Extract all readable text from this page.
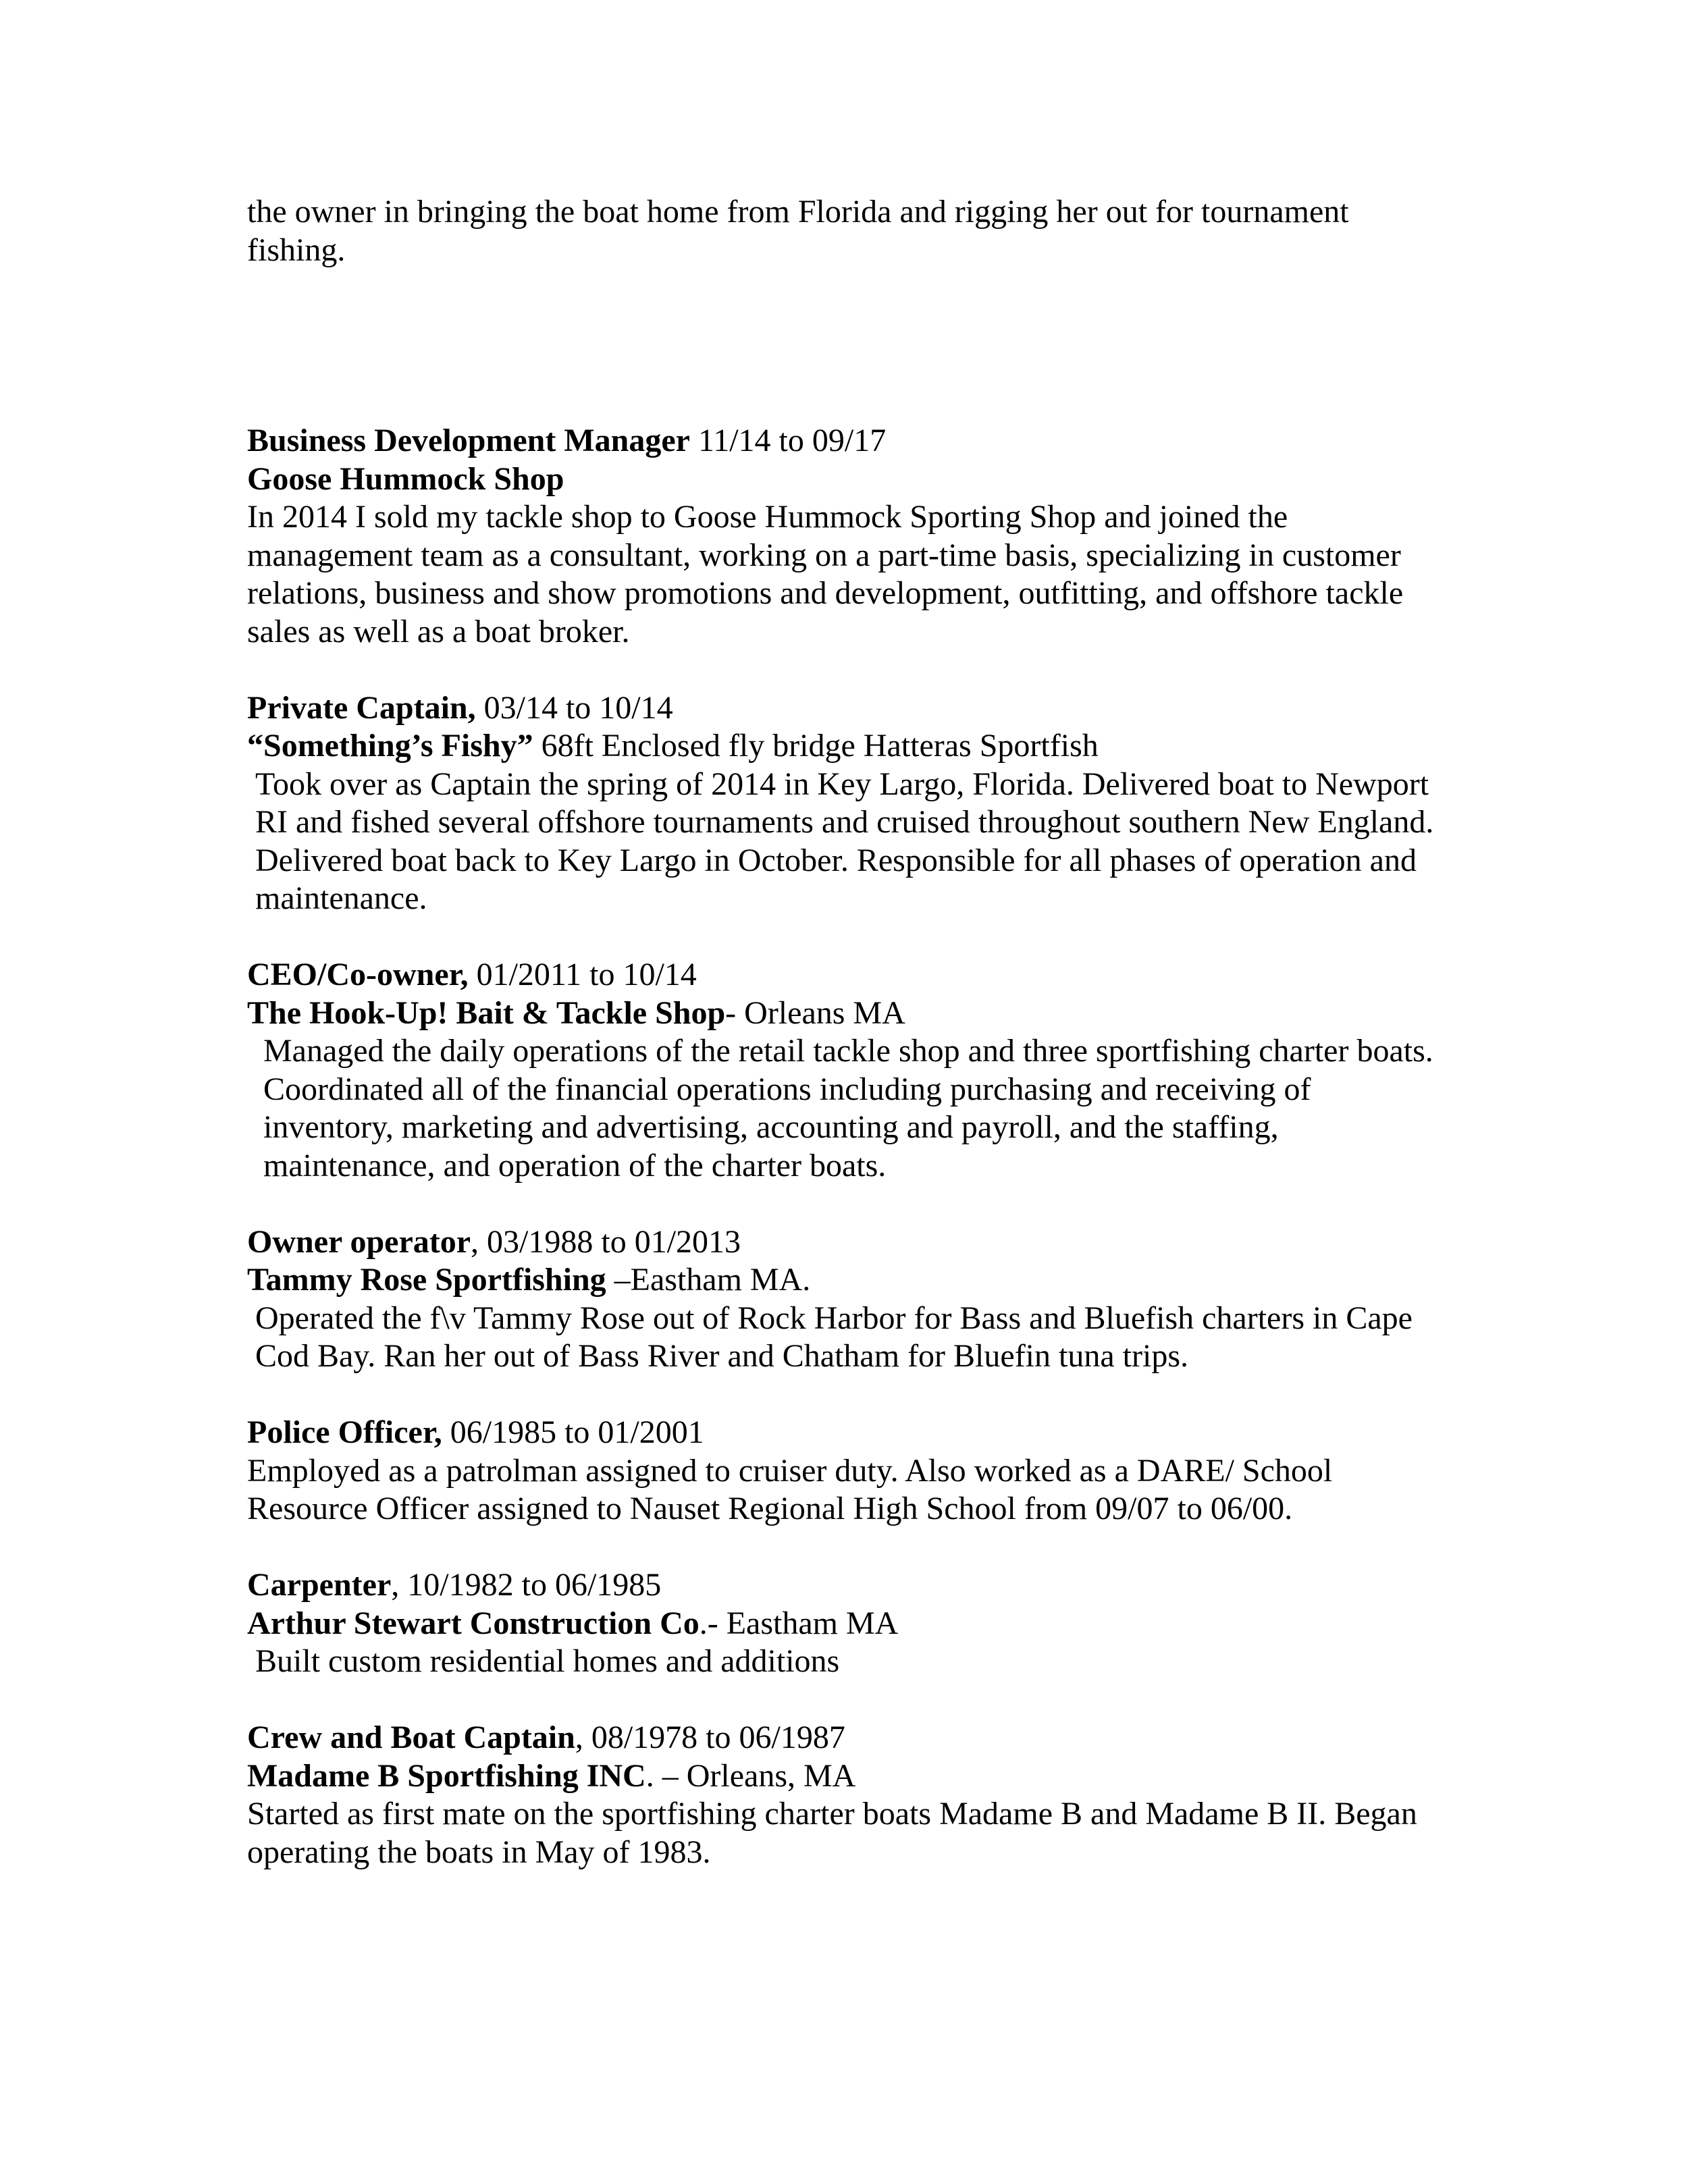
the owner in bringing the boat home from Florida and rigging her out for tournament fishing.

Business Development Manager 11/14 to 09/17

Goose Hummock Shop

In 2014 I sold my tackle shop to Goose Hummock Sporting Shop and joined the management team as a consultant, working on a part-time basis, specializing in customer relations, business and show promotions and development, outfitting, and offshore tackle sales as well as a boat broker.

Private Captain, 03/14 to 10/14

“Something’s Fishy” 68ft Enclosed fly bridge Hatteras Sportfish

Took over as Captain the spring of 2014 in Key Largo, Florida. Delivered boat to Newport RI and fished several offshore tournaments and cruised throughout southern New England. Delivered boat back to Key Largo in October. Responsible for all phases of operation and maintenance.

CEO/Co-owner, 01/2011 to 10/14

The Hook-Up! Bait & Tackle Shop- Orleans MA

Managed the daily operations of the retail tackle shop and three sportfishing charter boats. Coordinated all of the financial operations including purchasing and receiving of inventory, marketing and advertising, accounting and payroll, and the staffing, maintenance, and operation of the charter boats.

Owner operator, 03/1988 to 01/2013

Tammy Rose Sportfishing –Eastham MA.

Operated the f\v Tammy Rose out of Rock Harbor for Bass and Bluefish charters in Cape Cod Bay. Ran her out of Bass River and Chatham for Bluefin tuna trips.

Police Officer, 06/1985 to 01/2001

Employed as a patrolman assigned to cruiser duty. Also worked as a DARE/ School Resource Officer assigned to Nauset Regional High School from 09/07 to 06/00.

Carpenter, 10/1982 to 06/1985

Arthur Stewart Construction Co.- Eastham MA

Built custom residential homes and additions

Crew and Boat Captain, 08/1978 to 06/1987

Madame B Sportfishing INC. – Orleans, MA

Started as first mate on the sportfishing charter boats Madame B and Madame B II. Began operating the boats in May of 1983.
